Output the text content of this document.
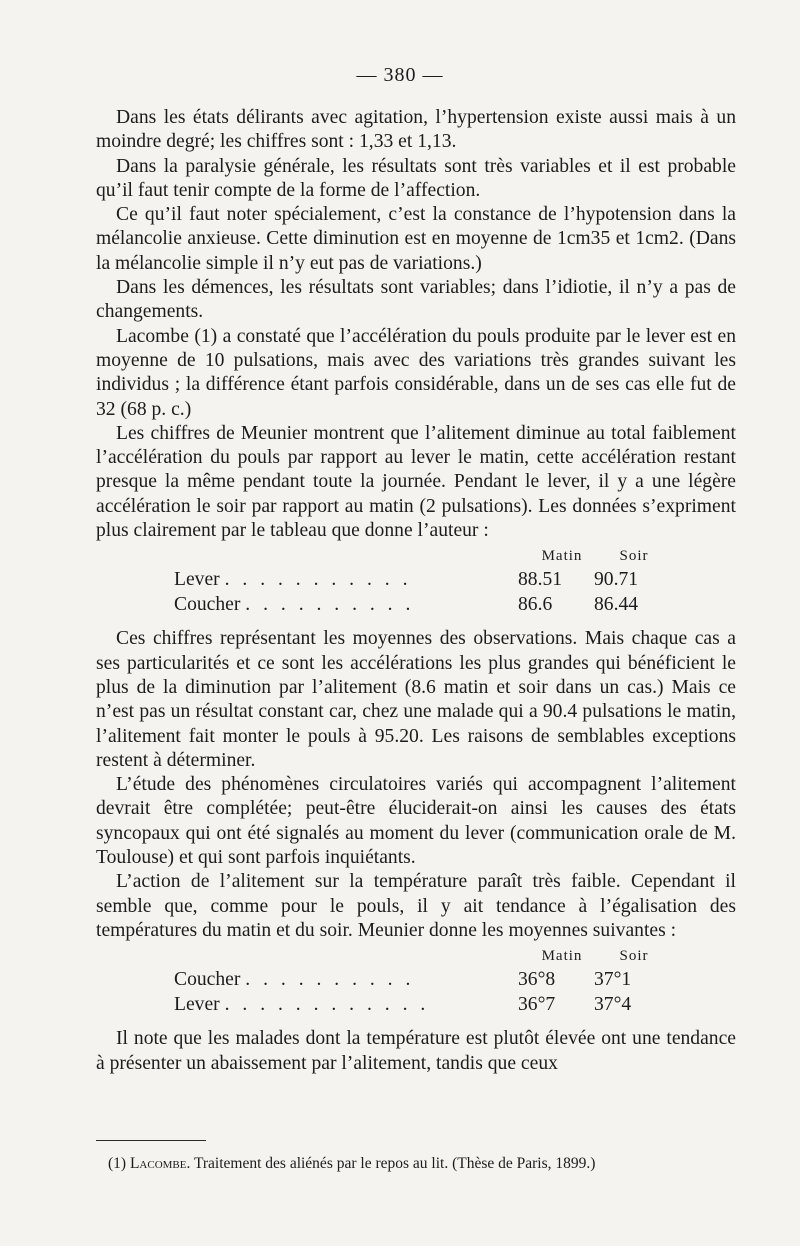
— 380 —

Dans les états délirants avec agitation, l’hypertension existe aussi mais à un moindre degré; les chiffres sont : 1,33 et 1,13.

Dans la paralysie générale, les résultats sont très variables et il est probable qu’il faut tenir compte de la forme de l’affection.

Ce qu’il faut noter spécialement, c’est la constance de l’hypotension dans la mélancolie anxieuse. Cette diminution est en moyenne de 1cm35 et 1cm2. (Dans la mélancolie simple il n’y eut pas de variations.)

Dans les démences, les résultats sont variables; dans l’idiotie, il n’y a pas de changements.

Lacombe (1) a constaté que l’accélération du pouls produite par le lever est en moyenne de 10 pulsations, mais avec des variations très grandes suivant les individus ; la différence étant parfois considérable, dans un de ses cas elle fut de 32 (68 p. c.)

Les chiffres de Meunier montrent que l’alitement diminue au total faiblement l’accélération du pouls par rapport au lever le matin, cette accélération restant presque la même pendant toute la journée. Pendant le lever, il y a une légère accélération le soir par rapport au matin (2 pulsations). Les données s’expriment plus clairement par le tableau que donne l’auteur :

Matin	Soir
Lever . . . . . . . . . . .	88.51	90.71
Coucher . . . . . . . . . .	86.6	86.44

Ces chiffres représentant les moyennes des observations. Mais chaque cas a ses particularités et ce sont les accélérations les plus grandes qui bénéficient le plus de la diminution par l’alitement (8.6 matin et soir dans un cas.) Mais ce n’est pas un résultat constant car, chez une malade qui a 90.4 pulsations le matin, l’alitement fait monter le pouls à 95.20. Les raisons de semblables exceptions restent à déterminer.

L’étude des phénomènes circulatoires variés qui accompagnent l’alitement devrait être complétée; peut-être éluciderait-on ainsi les causes des états syncopaux qui ont été signalés au moment du lever (communication orale de M. Toulouse) et qui sont parfois inquiétants.

L’action de l’alitement sur la température paraît très faible. Cependant il semble que, comme pour le pouls, il y ait tendance à l’égalisation des températures du matin et du soir. Meunier donne les moyennes suivantes :

Matin	Soir
Coucher . . . . . . . . . .	36°8	37°1
Lever . . . . . . . . . . . .	36°7	37°4

Il note que les malades dont la température est plutôt élevée ont une tendance à présenter un abaissement par l’alitement, tandis que ceux

(1) Lacombe. Traitement des aliénés par le repos au lit. (Thèse de Paris, 1899.)
